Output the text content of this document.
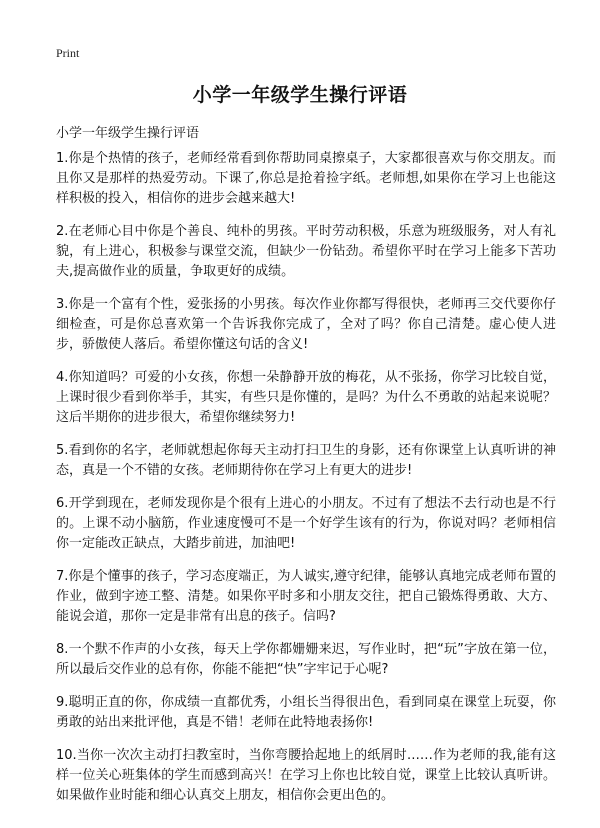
Print
小学一年级学生操行评语
小学一年级学生操行评语

1.你是个热情的孩子，老师经常看到你帮助同桌擦桌子，大家都很喜欢与你交朋友。而且你又是那样的热爱劳动。下课了,你总是抢着捡字纸。老师想,如果你在学习上也能这样积极的投入，相信你的进步会越来越大!

2.在老师心目中你是个善良、纯朴的男孩。平时劳动积极，乐意为班级服务，对人有礼貌，有上进心，积极参与课堂交流，但缺少一份钻劲。希望你平时在学习上能多下苦功夫,提高做作业的质量，争取更好的成绩。

3.你是一个富有个性，爱张扬的小男孩。每次作业你都写得很快，老师再三交代要你仔细检查，可是你总喜欢第一个告诉我你完成了，全对了吗？你自己清楚。虚心使人进步，骄傲使人落后。希望你懂这句话的含义!

4.你知道吗？可爱的小女孩，你想一朵静静开放的梅花，从不张扬，你学习比较自觉，上课时很少看到你举手，其实，有些只是你懂的，是吗？为什么不勇敢的站起来说呢？这后半期你的进步很大，希望你继续努力!

5.看到你的名字，老师就想起你每天主动打扫卫生的身影，还有你课堂上认真听讲的神态，真是一个不错的女孩。老师期待你在学习上有更大的进步!

6.开学到现在，老师发现你是个很有上进心的小朋友。不过有了想法不去行动也是不行的。上课不动小脑筋，作业速度慢可不是一个好学生该有的行为，你说对吗？老师相信你一定能改正缺点，大踏步前进，加油吧!

7.你是个懂事的孩子，学习态度端正，为人诚实,遵守纪律，能够认真地完成老师布置的作业，做到字迹工整、清楚。如果你平时多和小朋友交往，把自己锻炼得勇敢、大方、能说会道，那你一定是非常有出息的孩子。信吗?

8.一个默不作声的小女孩，每天上学你都姗姗来迟，写作业时，把“玩”字放在第一位，所以最后交作业的总有你，你能不能把“快”字牢记于心呢?

9.聪明正直的你，你成绩一直都优秀，小组长当得很出色，看到同桌在课堂上玩耍，你勇敢的站出来批评他，真是不错！老师在此特地表扬你!

10.当你一次次主动打扫教室时，当你弯腰拾起地上的纸屑时……作为老师的我,能有这样一位关心班集体的学生而感到高兴！在学习上你也比较自觉，课堂上比较认真听讲。如果做作业时能和细心认真交上朋友，相信你会更出色的。
